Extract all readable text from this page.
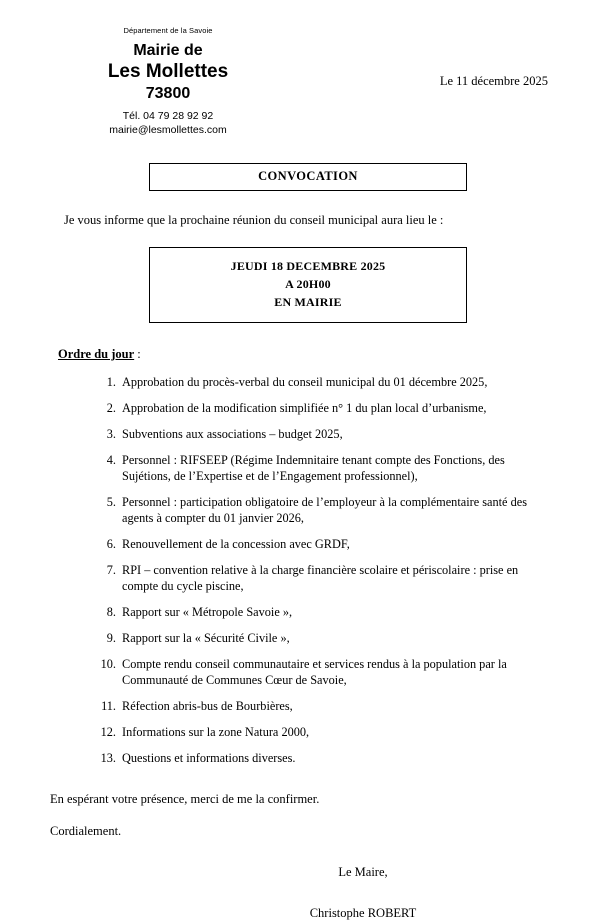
Département de la Savoie
Mairie de
Les Mollettes
73800
Tél. 04 79 28 92 92
mairie@lesmollettes.com
Le 11 décembre 2025
CONVOCATION
Je vous informe que la prochaine réunion du conseil municipal aura lieu le :
JEUDI 18 DECEMBRE 2025
A 20H00
EN MAIRIE
Ordre du jour :
Approbation du procès-verbal du conseil municipal du 01 décembre 2025,
Approbation de la modification simplifiée n° 1 du plan local d’urbanisme,
Subventions aux associations – budget 2025,
Personnel : RIFSEEP (Régime Indemnitaire tenant compte des Fonctions, des Sujétions, de l’Expertise et de l’Engagement professionnel),
Personnel : participation obligatoire de l’employeur à la complémentaire santé des agents à compter du 01 janvier 2026,
Renouvellement de la concession avec GRDF,
RPI – convention relative à la charge financière scolaire et périscolaire : prise en compte du cycle piscine,
Rapport sur « Métropole Savoie »,
Rapport sur la « Sécurité Civile »,
Compte rendu conseil communautaire et services rendus à la population par la Communauté de Communes Cœur de Savoie,
Réfection abris-bus de Bourbières,
Informations sur la zone Natura 2000,
Questions et informations diverses.
En espérant votre présence, merci de me la confirmer.
Cordialement.
Le Maire,
Christophe ROBERT
